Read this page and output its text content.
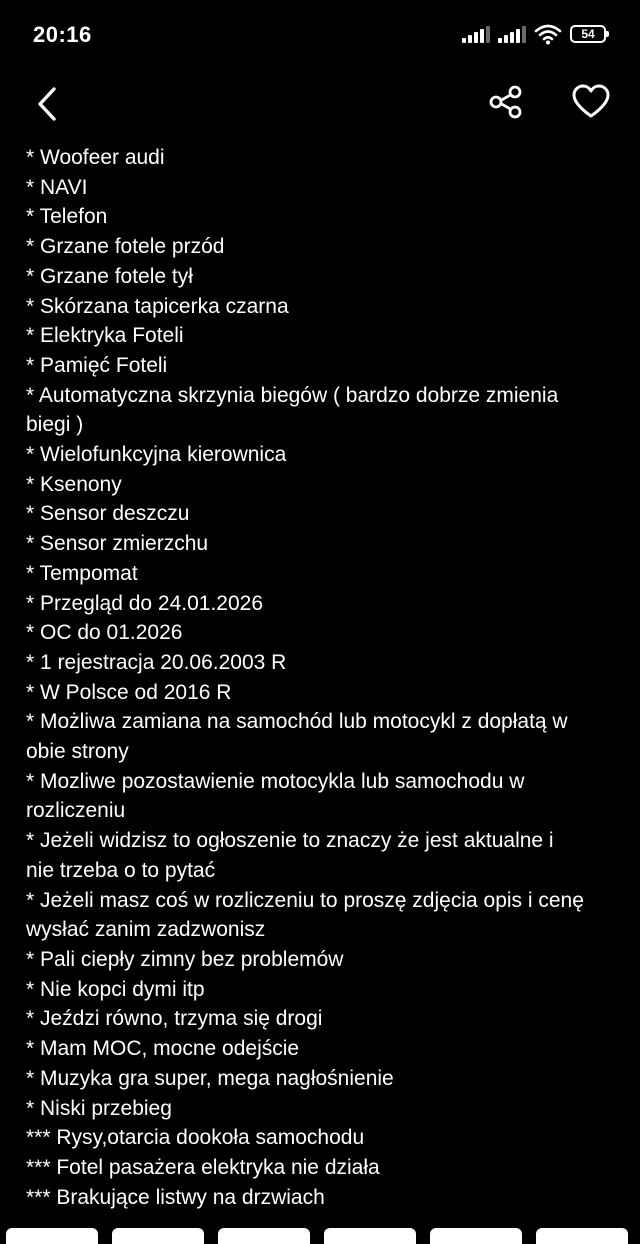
20:16	54
* Woofeer audi
* NAVI
* Telefon
* Grzane fotele przód
* Grzane fotele tył
* Skórzana tapicerka czarna
* Elektryka Foteli
* Pamięć Foteli
* Automatyczna skrzynia biegów ( bardzo dobrze zmienia
biegi )
* Wielofunkcyjna kierownica
* Ksenony
* Sensor deszczu
* Sensor zmierzchu
* Tempomat
* Przegląd do 24.01.2026
* OC do 01.2026
* 1 rejestracja 20.06.2003 R
* W Polsce od 2016 R
* Możliwa zamiana na samochód lub motocykl z dopłatą w
obie strony
* Mozliwe pozostawienie motocykla lub samochodu w
rozliczeniu
* Jeżeli widzisz to ogłoszenie to znaczy że jest aktualne i
nie trzeba o to pytać
* Jeżeli masz coś w rozliczeniu to proszę zdjęcia opis i cenę
wysłać zanim zadzwonisz
* Pali ciepły zimny bez problemów
* Nie kopci dymi itp
* Jeździ równo, trzyma się drogi
* Mam MOC, mocne odejście
* Muzyka gra super, mega nagłośnienie
* Niski przebieg
*** Rysy,otarcia dookoła samochodu
*** Fotel pasażera elektryka nie działa
*** Brakujące listwy na drzwiach
